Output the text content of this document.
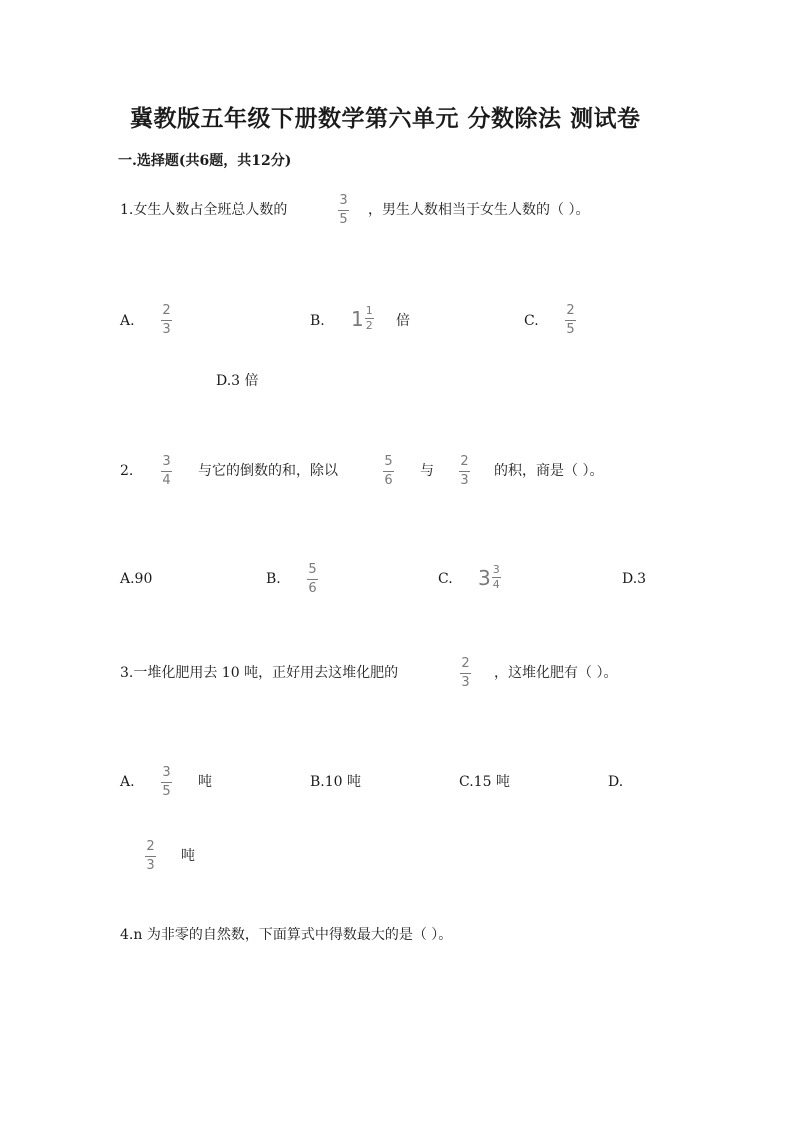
冀教版五年级下册数学第六单元 分数除法 测试卷
一.选择题(共6题，共12分)
1.女生人数占全班总人数的
3
5
，男生人数相当于女生人数的（ ）。
A.
2
3
B. 1 1
2 倍	C.
2
5
D.3 倍
2.
3
4
与它的倒数的和，除以
5
6
与
2
3
的积，商是（ ）。
A.90	B.
5
6
C. 3 3
4	D.3
3.一堆化肥用去 10 吨，正好用去这堆化肥的
2
3
，这堆化肥有（ ）。
A.
3
5
吨	B.10 吨	C.15 吨	D.
2
3
吨
4.n 为非零的自然数，下面算式中得数最大的是（ ）。
